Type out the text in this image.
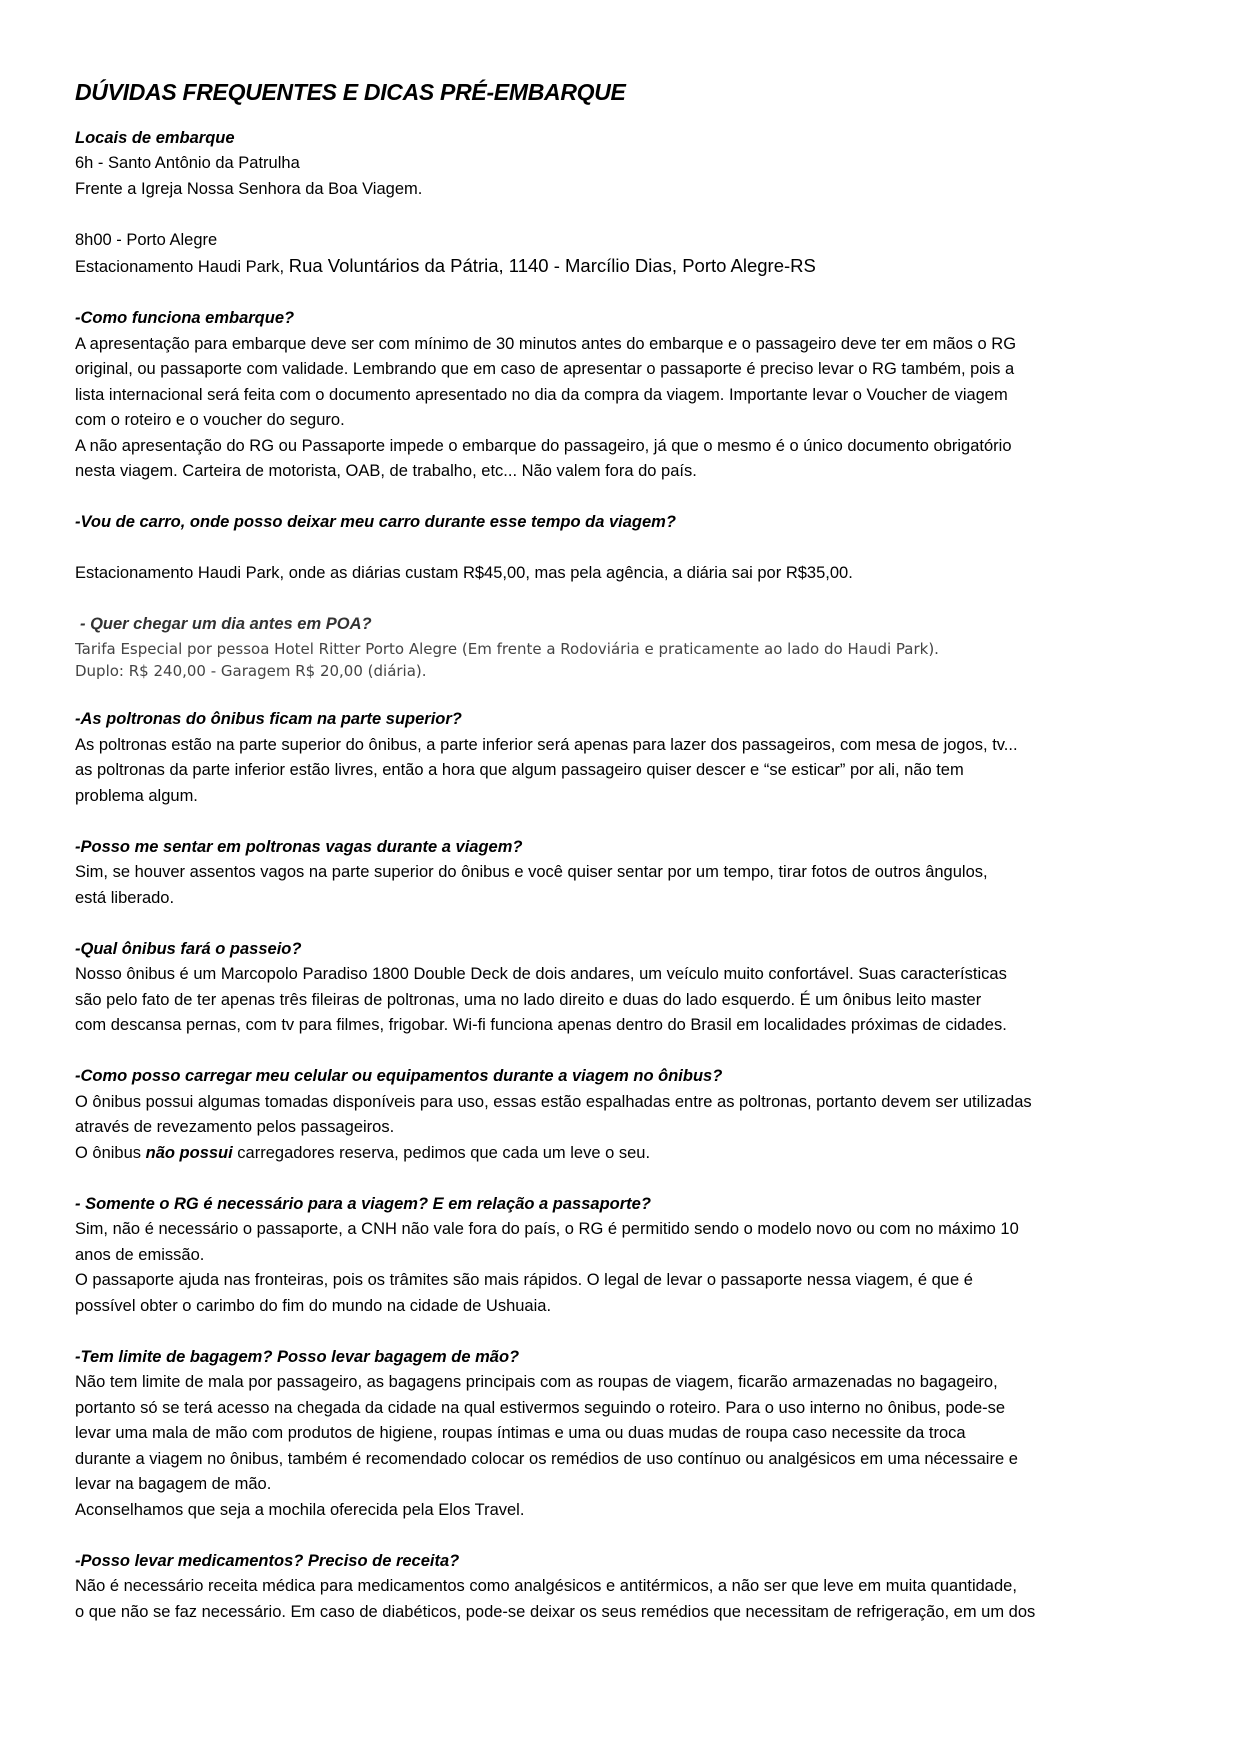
DÚVIDAS FREQUENTES E DICAS PRÉ-EMBARQUE

Locais de embarque

6h - Santo Antônio da Patrulha

Frente a Igreja Nossa Senhora da Boa Viagem.

8h00 - Porto Alegre

Estacionamento Haudi Park, Rua Voluntários da Pátria, 1140 - Marcílio Dias, Porto Alegre-RS

-Como funciona embarque?

A apresentação para embarque deve ser com mínimo de 30 minutos antes do embarque e o passageiro deve ter em mãos o RG

original, ou passaporte com validade. Lembrando que em caso de apresentar o passaporte é preciso levar o RG também, pois a

lista internacional será feita com o documento apresentado no dia da compra da viagem. Importante levar o Voucher de viagem

com o roteiro e o voucher do seguro.

A não apresentação do RG ou Passaporte impede o embarque do passageiro, já que o mesmo é o único documento obrigatório

nesta viagem. Carteira de motorista, OAB, de trabalho, etc... Não valem fora do país.

-Vou de carro, onde posso deixar meu carro durante esse tempo da viagem?

Estacionamento Haudi Park, onde as diárias custam R$45,00, mas pela agência, a diária sai por R$35,00.

- Quer chegar um dia antes em POA?

Tarifa Especial por pessoa Hotel Ritter Porto Alegre (Em frente a Rodoviária e praticamente ao lado do Haudi Park).

Duplo: R$ 240,00 - Garagem R$ 20,00 (diária).

-As poltronas do ônibus ficam na parte superior?

As poltronas estão na parte superior do ônibus, a parte inferior será apenas para lazer dos passageiros, com mesa de jogos, tv...

as poltronas da parte inferior estão livres, então a hora que algum passageiro quiser descer e “se esticar” por ali, não tem

problema algum.

-Posso me sentar em poltronas vagas durante a viagem?

Sim, se houver assentos vagos na parte superior do ônibus e você quiser sentar por um tempo, tirar fotos de outros ângulos,

está liberado.

-Qual ônibus fará o passeio?

Nosso ônibus é um Marcopolo Paradiso 1800 Double Deck de dois andares, um veículo muito confortável. Suas características

são pelo fato de ter apenas três fileiras de poltronas, uma no lado direito e duas do lado esquerdo. É um ônibus leito master

com descansa pernas, com tv para filmes, frigobar. Wi-fi funciona apenas dentro do Brasil em localidades próximas de cidades.

-Como posso carregar meu celular ou equipamentos durante a viagem no ônibus?

O ônibus possui algumas tomadas disponíveis para uso, essas estão espalhadas entre as poltronas, portanto devem ser utilizadas

através de revezamento pelos passageiros.

O ônibus não possui carregadores reserva, pedimos que cada um leve o seu.

- Somente o RG é necessário para a viagem? E em relação a passaporte?

Sim, não é necessário o passaporte, a CNH não vale fora do país, o RG é permitido sendo o modelo novo ou com no máximo 10

anos de emissão.

O passaporte ajuda nas fronteiras, pois os trâmites são mais rápidos. O legal de levar o passaporte nessa viagem, é que é

possível obter o carimbo do fim do mundo na cidade de Ushuaia.

-Tem limite de bagagem? Posso levar bagagem de mão?

Não tem limite de mala por passageiro, as bagagens principais com as roupas de viagem, ficarão armazenadas no bagageiro,

portanto só se terá acesso na chegada da cidade na qual estivermos seguindo o roteiro. Para o uso interno no ônibus, pode-se

levar uma mala de mão com produtos de higiene, roupas íntimas e uma ou duas mudas de roupa caso necessite da troca

durante a viagem no ônibus, também é recomendado colocar os remédios de uso contínuo ou analgésicos em uma nécessaire e

levar na bagagem de mão.

Aconselhamos que seja a mochila oferecida pela Elos Travel.

-Posso levar medicamentos? Preciso de receita?

Não é necessário receita médica para medicamentos como analgésicos e antitérmicos, a não ser que leve em muita quantidade,

o que não se faz necessário. Em caso de diabéticos, pode-se deixar os seus remédios que necessitam de refrigeração, em um dos
